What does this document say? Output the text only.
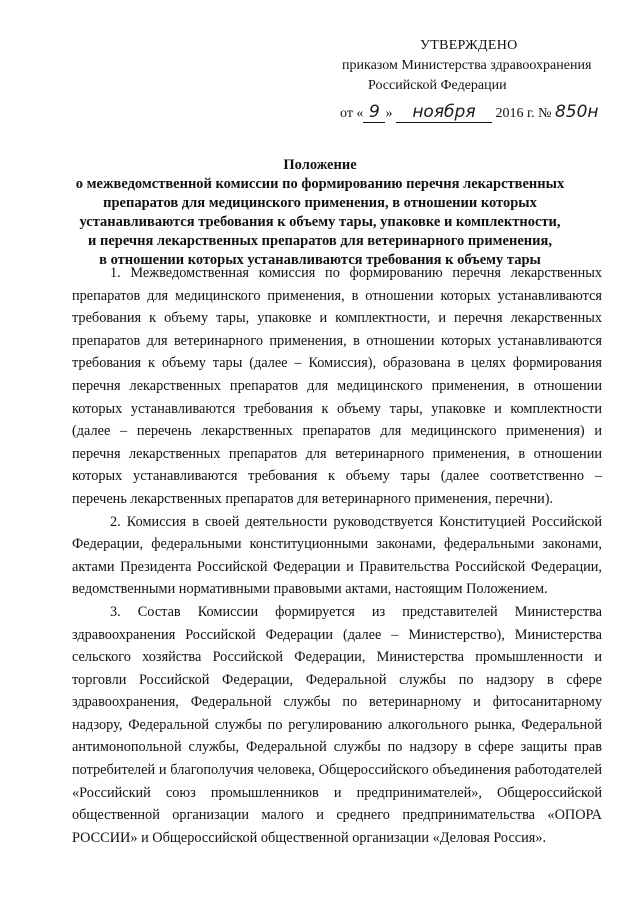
УТВЕРЖДЕНО
приказом Министерства здравоохранения
Российской Федерации
от « 9 » ноября 2016 г. № 850н
Положение
о межведомственной комиссии по формированию перечня лекарственных
препаратов для медицинского применения, в отношении которых
устанавливаются требования к объему тары, упаковке и комплектности,
и перечня лекарственных препаратов для ветеринарного применения,
в отношении которых устанавливаются требования к объему тары

1. Межведомственная комиссия по формированию перечня лекарственных препаратов для медицинского применения, в отношении которых устанавливаются требования к объему тары, упаковке и комплектности, и перечня лекарственных препаратов для ветеринарного применения, в отношении которых устанавливаются требования к объему тары (далее – Комиссия), образована в целях формирования перечня лекарственных препаратов для медицинского применения, в отношении которых устанавливаются требования к объему тары, упаковке и комплектности (далее – перечень лекарственных препаратов для медицинского применения) и перечня лекарственных препаратов для ветеринарного применения, в отношении которых устанавливаются требования к объему тары (далее соответственно – перечень лекарственных препаратов для ветеринарного применения, перечни).

2. Комиссия в своей деятельности руководствуется Конституцией Российской Федерации, федеральными конституционными законами, федеральными законами, актами Президента Российской Федерации и Правительства Российской Федерации, ведомственными нормативными правовыми актами, настоящим Положением.

3. Состав Комиссии формируется из представителей Министерства здравоохранения Российской Федерации (далее – Министерство), Министерства сельского хозяйства Российской Федерации, Министерства промышленности и торговли Российской Федерации, Федеральной службы по надзору в сфере здравоохранения, Федеральной службы по ветеринарному и фитосанитарному надзору, Федеральной службы по регулированию алкогольного рынка, Федеральной антимонопольной службы, Федеральной службы по надзору в сфере защиты прав потребителей и благополучия человека, Общероссийского объединения работодателей «Российский союз промышленников и предпринимателей», Общероссийской общественной организации малого и среднего предпринимательства «ОПОРА РОССИИ» и Общероссийской общественной организации «Деловая Россия».
